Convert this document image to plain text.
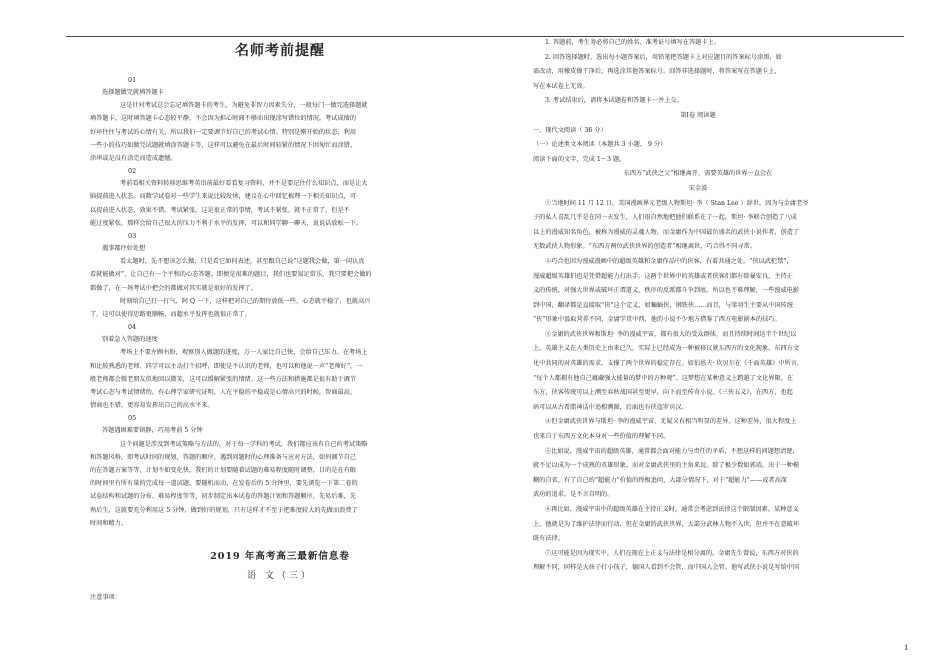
名师考前提醒

01

选择题做完就填答题卡

这是针对考试总会忘记填答题卡的考生，为避免非智力因素失分，一般每门一做完选择题就

填答题卡。这时填答题卡心态较平静，不会因为担心时间不够而出现涂写错位的情况。考试成绩的

好坏往往与考试的心情有关，所以我们一定要调节好自己的考试心情。特别是刚开始的状态，利用

一些小的技巧如做完试题就填涂答题卡等，这样可以避免在最后时间较紧的情况下因匆忙而涂错、

涂串或是没有涂完而造成遗憾。

02

考前看相关资料转移思维考英语前最好看看复习资料，并不是要记住什么知识点，而是让大

脑提前进入状态。而数学试卷对一些学生来说比较发怵，建议在心中回忆梳理一下相关知识点，可

以提前进入状态，效果不错。考试紧张，这是很正常的事情，考试不紧张，就不正常了，但是不

能过度紧张，那样会给自己很大的压力不利于水平的发挥，可以和同学聊一聊天，说说话放松一下。

03

遇事都往好处想

看太题时，先不想该怎么做，只是看它如何表述，甚至跟自己说“这题我会做，第一问认真

看就能做对”，让自己有一个平和的心态答题。即便是很难的题目，我们也要知足常乐，我只要把会做的

都做了，在一场考试中把会的都做对其实就是很好的发挥了。

时刻给自己打一打气，阿 Q 一下，这样把对自己的期待放低一些，心态就平稳了，也就高兴

了，这可以使得思路更顺畅，而超水平发挥也就很正常了。

04

别着急入答题的速度

考场上不要左顾右盼，观察别人做题的进度，万一人家比自己快，会给自己压力。在考场上

和比较熟悉的老师、同学可以主动打个招呼，即使是不认识的老师，也可以和他说一声“老师好”，一

般老师都会微老朋友似地回以微笑，这可以缓解紧张的情绪。这一些方法和措施都是很有助于调节

考试心态与考试情绪的。有心理学家研究证明，人在平稳的平稳或是心情高兴的时候，智商最高，

情商也不错，更容易发挥出自己的高水平来。

05

答题遇困难要镇静，巧用考前 5 分钟

这个问题是涉及到考试策略与方法的，对于每一学科的考试，我们都应该有自己的考试策略

和答题风格，即考试时间的规划，答题的顺序，遇到问题时的心理准备与应对方法，如何调节自己

的在答题方案等等，计划不如变化快，我们的计划要随着试题的难易程度随时调整，目的是在有限

的时间里有所有量的完成每一道试题，要随机而动，在发卷后的 5 分钟里，要先浏览一下第二卷的

试卷结构和试题的分布、难易程度等等，初步制定出本试卷的答题计划和答题顺序，先易后难，先

熟后生，这就要充分利用这 5 分钟，做到好的规划，只有这样才不至于把难度较大的先做而浪费了

时间和精力。

2019 年高考高三最新信息卷
语 文（三）

注意事项：

1. 答题前，考生务必将自己的姓名、准考证号填写在答题卡上。

2. 回答选择题时，选出每小题答案后，用铅笔把答题卡上对应题目的答案标号涂黑，如

需改动，用橡皮擦干净后，再选涂其他答案标号。回答非选择题时，将答案写在答题卡上，

写在本试卷上无效。

3. 考试结束后，请将本试题卷和答题卡一并上交。

第Ⅰ卷 阅读题

一、现代文阅读（ 36 分）

（一）论述类文本阅读（本题共 3 小题， 9 分）

阅读下面的文字，完成 1～3 题。

东西方“武侠之父”相继离开，需要英雄的世界一直会在

宋金波

①当地时间 11 月 12 日，美国漫画界元老级人物斯坦· 李（ Stan Lee ）辞世。因为与金庸老爷

子的私人喜乱几乎是在同一天发生，人们很自然地把他们联系在了一起。斯坦· 李联合创造了八成

以上的漫威知名角色，被称为漫威的灵魂人物，而金庸作为中国最负盛名的武侠小说作者，创造了

无数武侠人物形象。“东西方两位武侠世界的创造者”相继离世，巧合得不同寻常。

②巧合也因为漫威漫画中的超级英雄和金庸作品中的侠客，有着共通之处。“侠以武犯禁”，

漫威超级英雄们也是凭借超能力打出手，这两个世界中的英雄或者侠客们都有除暴安良，主持正

义的传统，对强大世界或破坏正谓道义，秩序的反派都斗争到底。所以也不难理解，一些漫威电影

到中国，翻译都是直接取“侠”这个定义，如蝙蝠侠、钢铁侠……而且，与梁羽生主要从中国传统

“侠”形象中汲取营养不同，金庸学贯中西，他的小说不少地方借鉴了西方电影剧本的技巧。

③金庸的武侠世界和斯坦· 李的漫威宇宙，都有很大的受众群体，而且持续时间达半个世纪以

上。英雄主义在人类历史上由来已久，实际上已经成为一种被移议就东西方的文化现象。东西方文

化中共同的对英雄的需求，支撑了两个世界的稳定存在。如伯恩夫· 坎贝尔在《千面英雄》中所言，

“每个人都拥有他自己蕴藏强大能量的梦中的方种观”。这梦想在某种意义上跨越了文化界限。在

东方，侠客传统可以上溯至春秋战国甚至更早，向下而至传奇小说、《三侠五义》，在西方，也起

码可以从古希腊神话中追根溯源，后面也有侠盗罗宾汉。

④但金庸武侠世界与斯坦· 李的漫威宇宙，无疑又有相当明显的差异。这种差异，很大程度上

也来自于东西方文化本身对一些价值的理解不同。

⑤比如说，漫威宇宙的超级英雄，通常都会面对能力与责任的矛盾，不想这样的问题想清楚，

就不足以成为一个成熟的英雄形象。而对金庸武侠里的主角来说，除了极少数如郭靖，出于一种模

糊的自省，有了自己的“超能力”价值的终极追问，大部分情况下，对于“超能力”——或者高深

武功的追求，是不言自明的。

⑥再比如，漫威宇宙中的超级英雄在主持正义时，通常会考虑到法律这个限制因素。某种意义

上，他就是为了维护法律而行动，但在金庸的武侠世界，大部分武林人物不入世，但并不在意破坏

既有法律。

⑦这可能是因为现实中，人们在现在上正义与法律是相分离的。金庸先生曾说，东西方对侠的

理解不同，同样是大孩子打小孩子，德国人看到不会管，而中国人会管。他写武侠小说是写给中国

1
